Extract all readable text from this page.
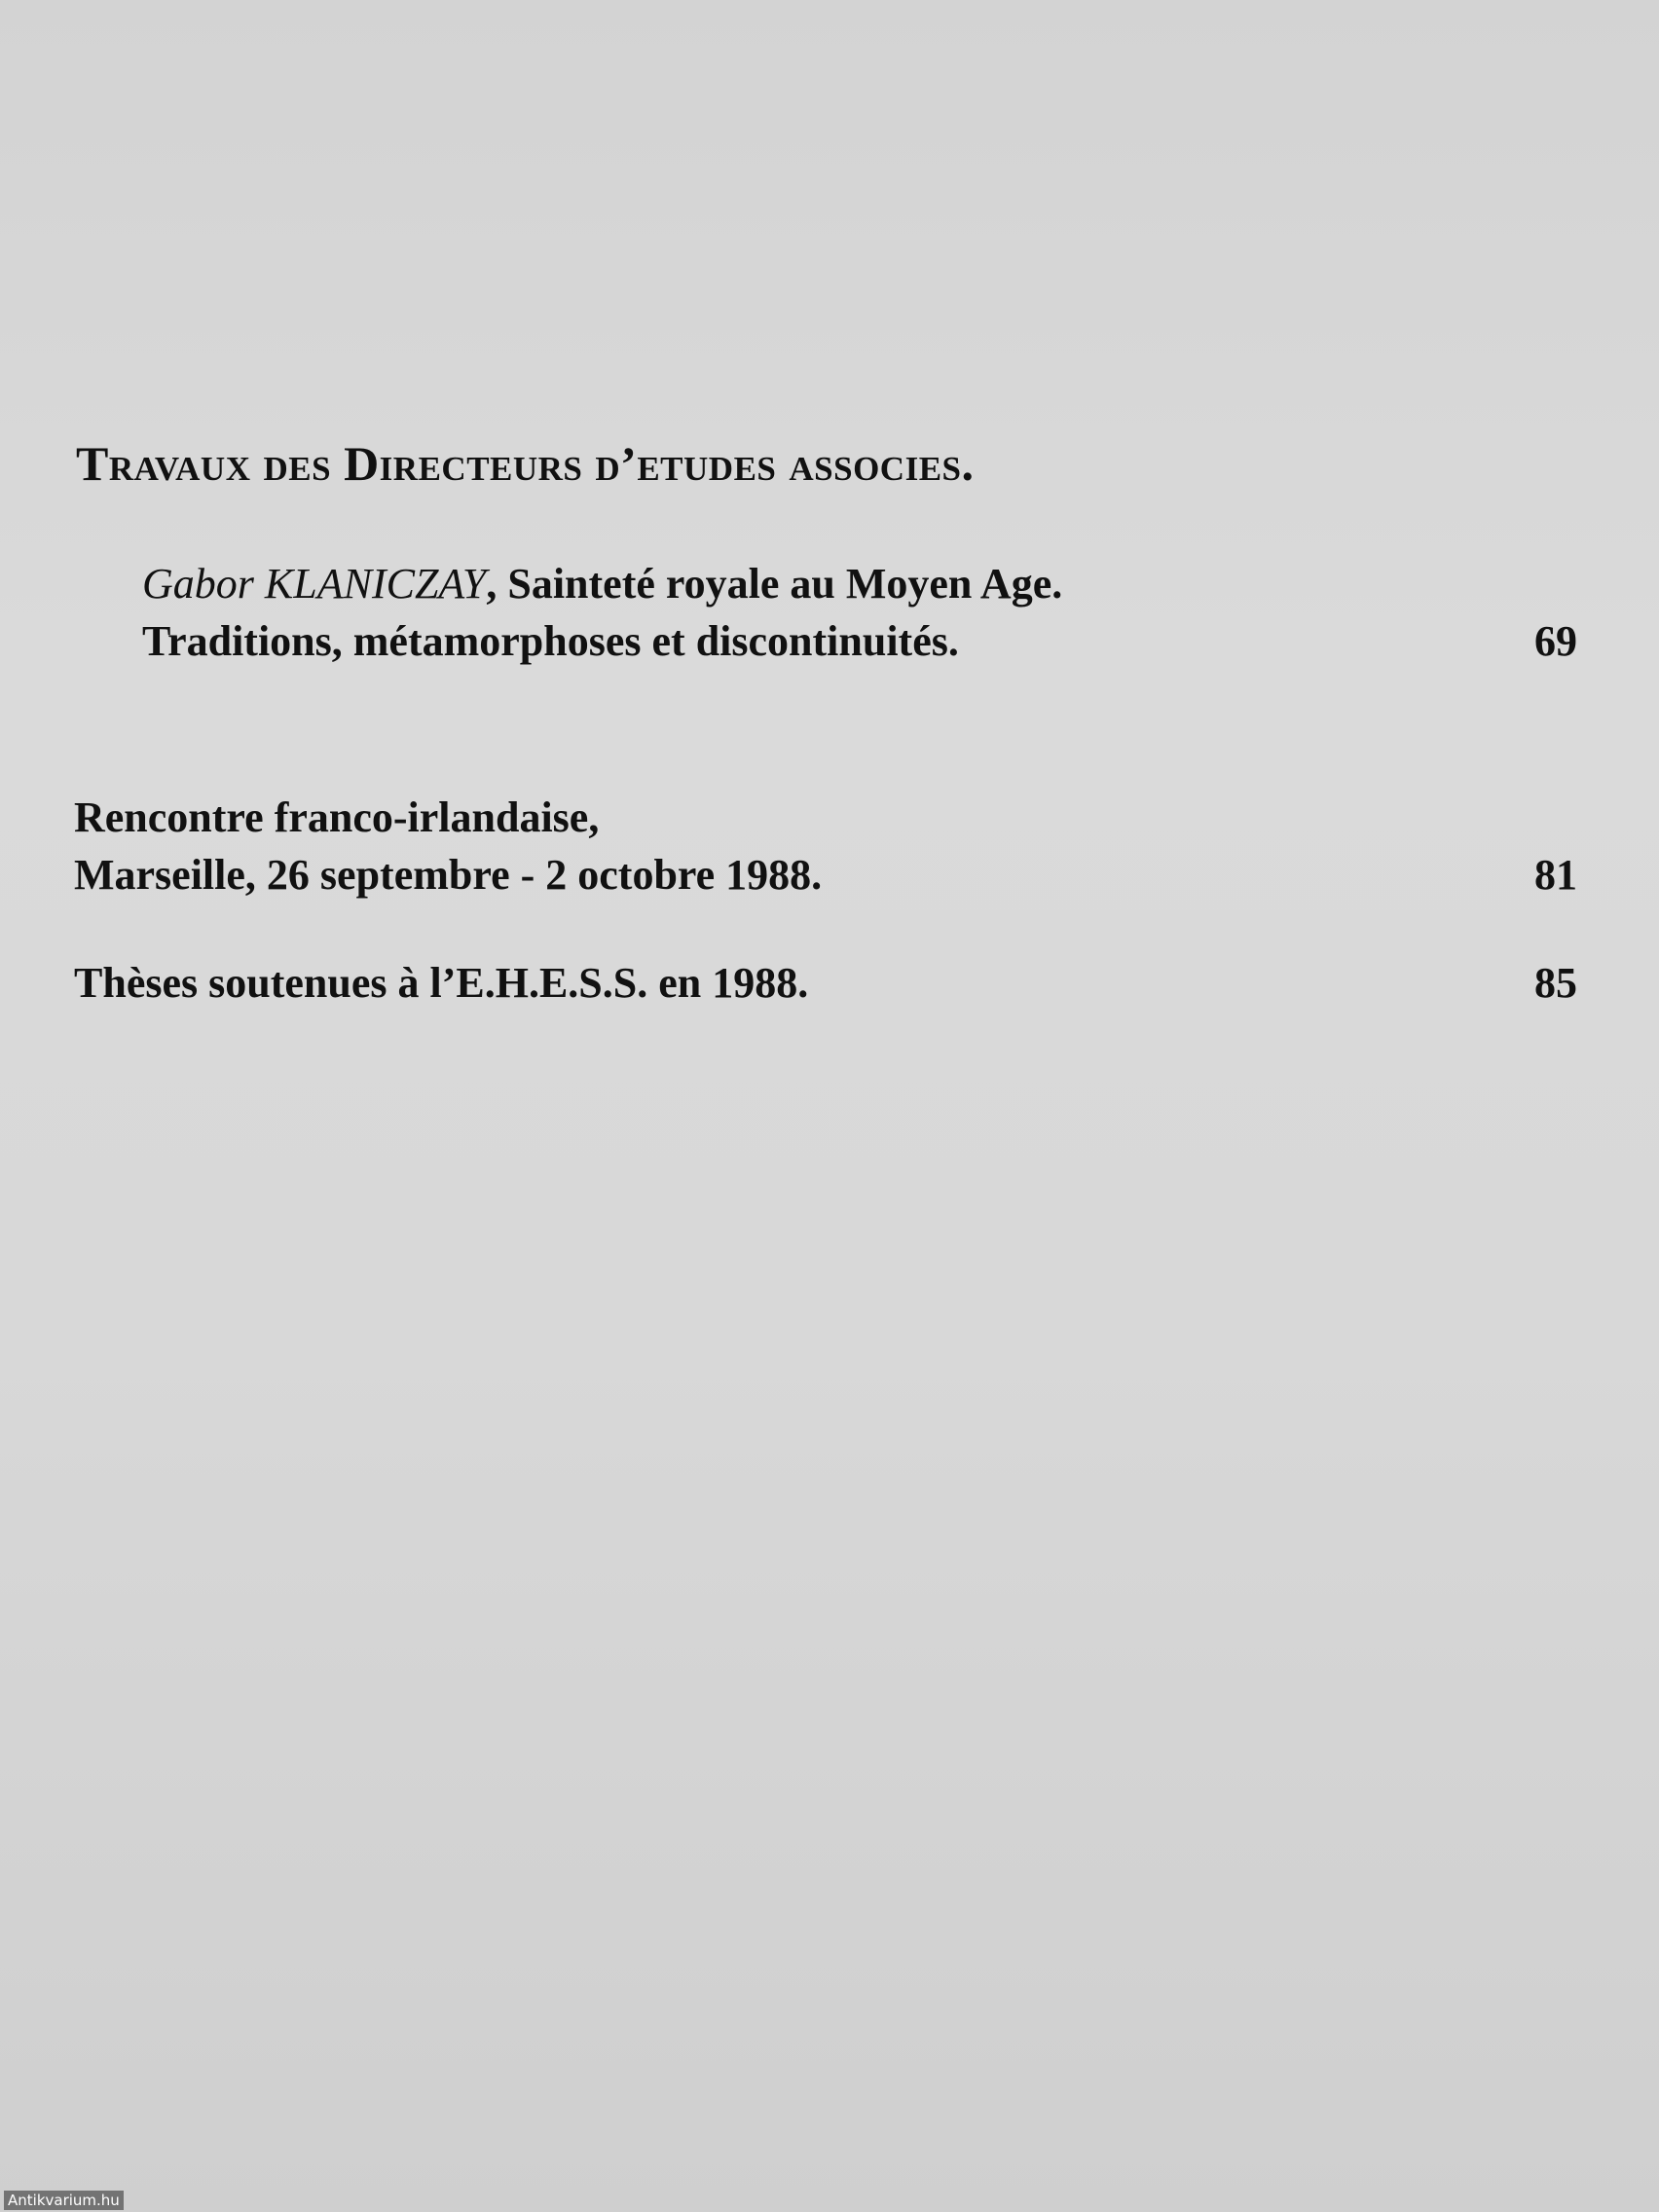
Travaux des Directeurs d’etudes associes.
Gabor KLANICZAY, Sainteté royale au Moyen Age.
Traditions, métamorphoses et discontinuités.	69
Rencontre franco-irlandaise,
Marseille, 26 septembre - 2 octobre 1988.	81
Thèses soutenues à l’E.H.E.S.S. en 1988.	85
Antikvarium.hu
